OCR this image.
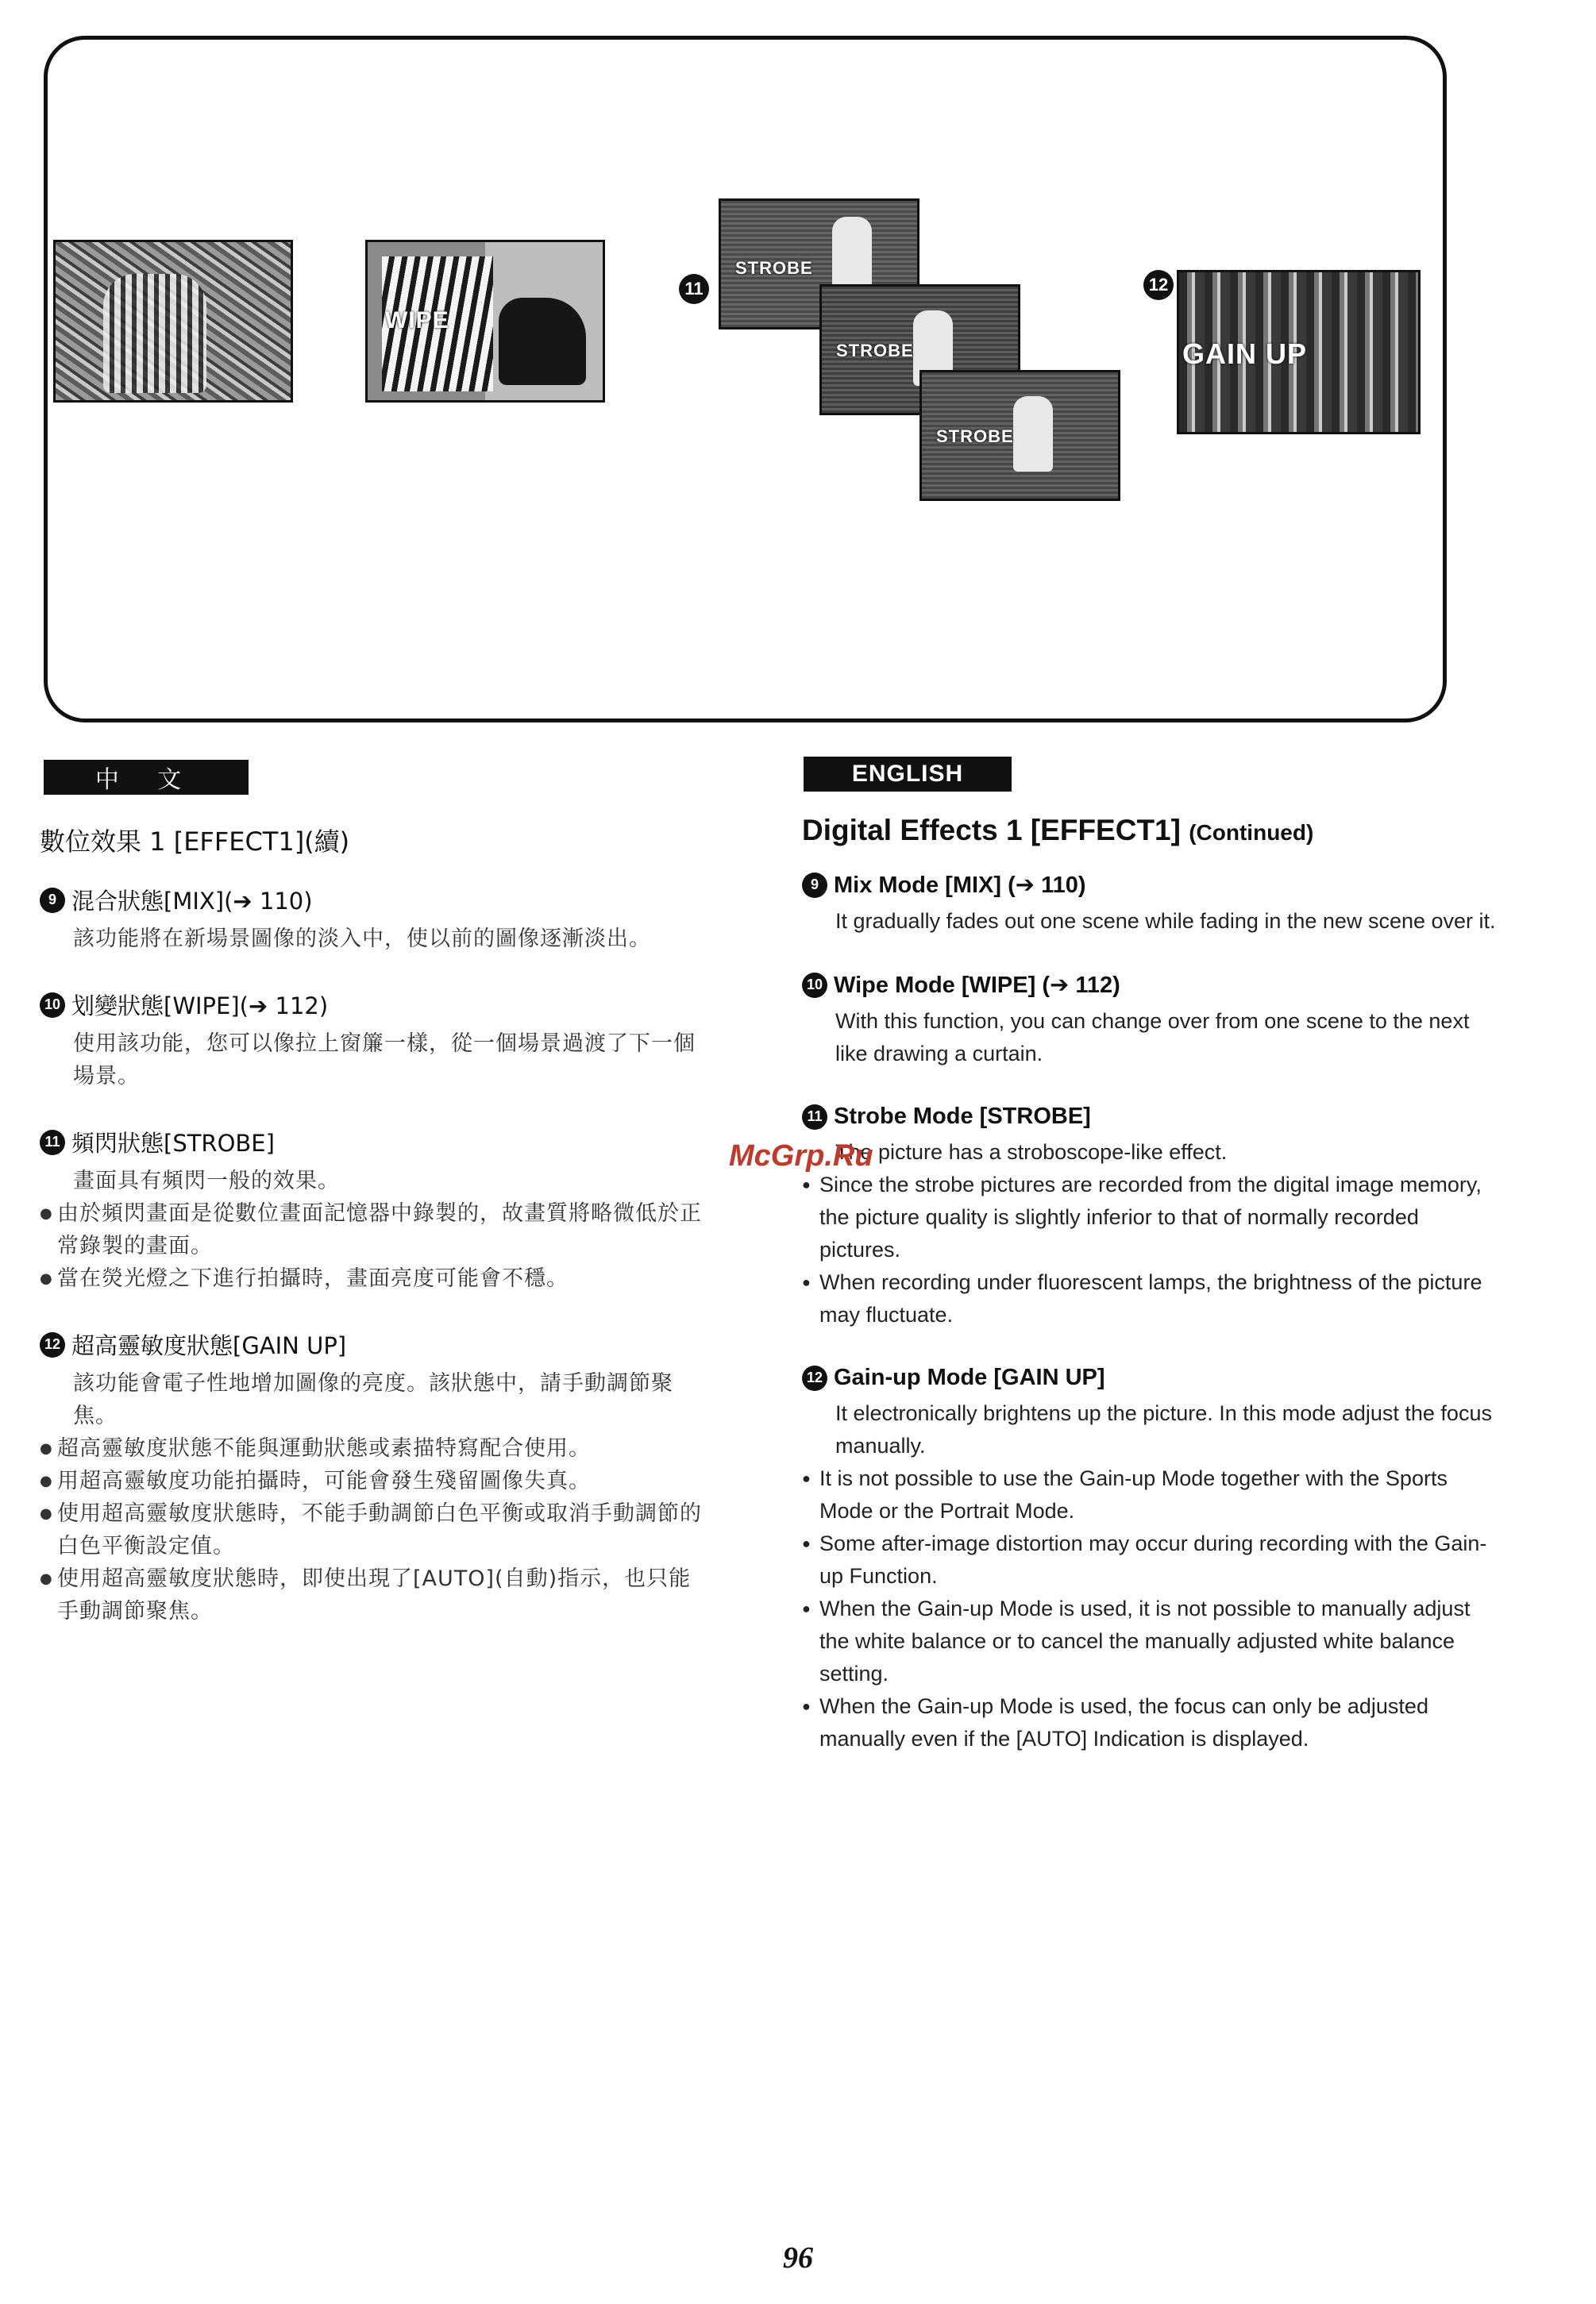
WIPE
11
STROBE
STROBE
STROBE
12
GAIN UP
中 文	ENGLISH
數位效果 1 [EFFECT1](續)
9 混合狀態[MIX](➔ 110)
該功能將在新場景圖像的淡入中，使以前的圖像逐漸淡出。
10 划變狀態[WIPE](➔ 112)
使用該功能，您可以像拉上窗簾一樣，從一個場景過渡了下一個場景。
11 頻閃狀態[STROBE]
畫面具有頻閃一般的效果。
● 由於頻閃畫面是從數位畫面記憶器中錄製的，故畫質將略微低於正常錄製的畫面。
● 當在熒光燈之下進行拍攝時，畫面亮度可能會不穩。
12 超高靈敏度狀態[GAIN UP]
該功能會電子性地增加圖像的亮度。該狀態中，請手動調節聚焦。
● 超高靈敏度狀態不能與運動狀態或素描特寫配合使用。
● 用超高靈敏度功能拍攝時，可能會發生殘留圖像失真。
● 使用超高靈敏度狀態時，不能手動調節白色平衡或取消手動調節的白色平衡設定值。
● 使用超高靈敏度狀態時，即使出現了[AUTO](自動)指示，也只能手動調節聚焦。
Digital Effects 1 [EFFECT1] (Continued)
9 Mix Mode [MIX] (➔ 110)
It gradually fades out one scene while fading in the new scene over it.
10 Wipe Mode [WIPE] (➔ 112)
With this function, you can change over from one scene to the next like drawing a curtain.
11 Strobe Mode [STROBE]
The picture has a stroboscope-like effect.
● Since the strobe pictures are recorded from the digital image memory, the picture quality is slightly inferior to that of normally recorded pictures.
● When recording under fluorescent lamps, the brightness of the picture may fluctuate.
12 Gain-up Mode [GAIN UP]
It electronically brightens up the picture. In this mode adjust the focus manually.
● It is not possible to use the Gain-up Mode together with the Sports Mode or the Portrait Mode.
● Some after-image distortion may occur during recording with the Gain-up Function.
● When the Gain-up Mode is used, it is not possible to manually adjust the white balance or to cancel the manually adjusted white balance setting.
● When the Gain-up Mode is used, the focus can only be adjusted manually even if the [AUTO] Indication is displayed.
McGrp.Ru
96
